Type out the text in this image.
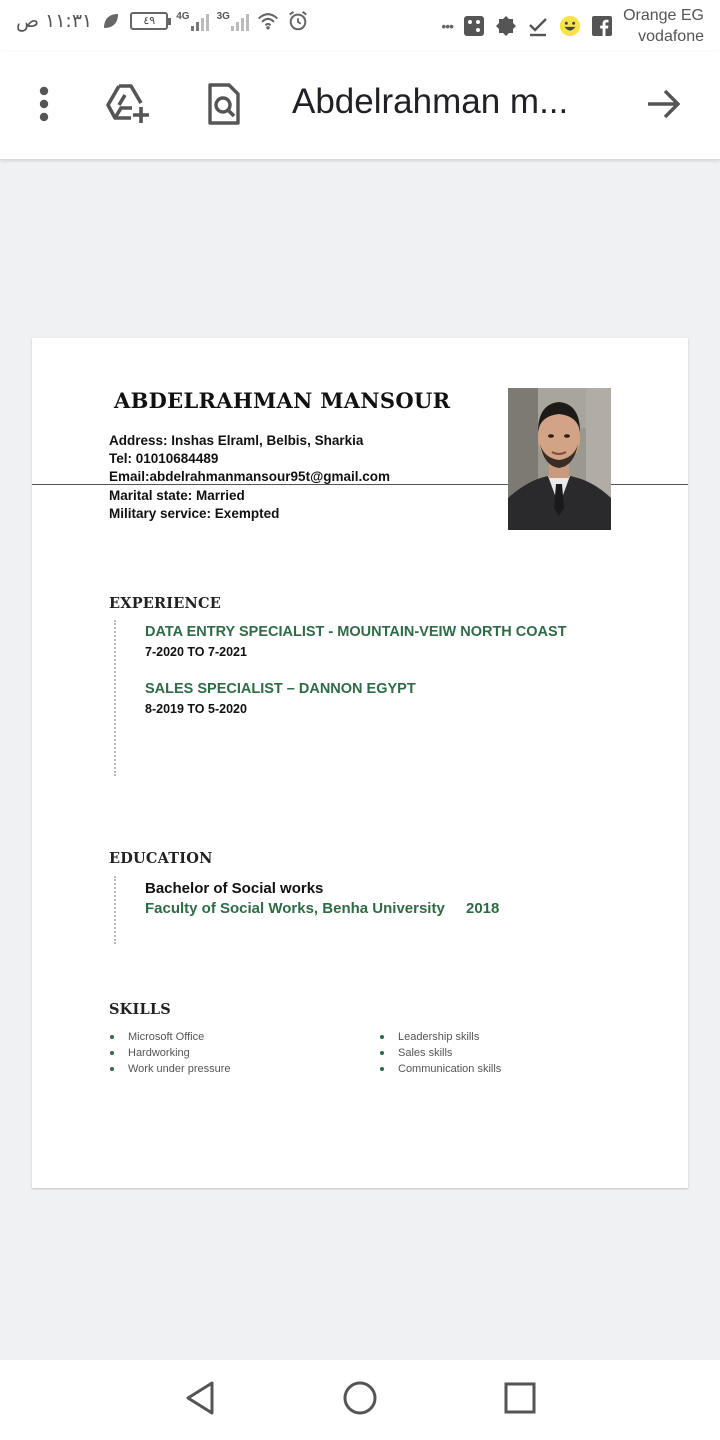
١١:٣١ ص	٤٩	4G	3G
•••
Orange EG
vodafone
Abdelrahman m...
ABDELRAHMAN MANSOUR
Address: Inshas Elraml, Belbis, Sharkia
Tel: 01010684489
Email:abdelrahmanmansour95t@gmail.com
Marital state: Married
Military service: Exempted
EXPERIENCE
DATA ENTRY SPECIALIST - MOUNTAIN-VEIW NORTH COAST
7-2020 TO 7-2021
SALES SPECIALIST – DANNON EGYPT
8-2019 TO 5-2020
EDUCATION
Bachelor of Social works
Faculty of Social Works, Benha University 2018
SKILLS
Microsoft Office
Hardworking
Work under pressure
Leadership skills
Sales skills
Communication skills
